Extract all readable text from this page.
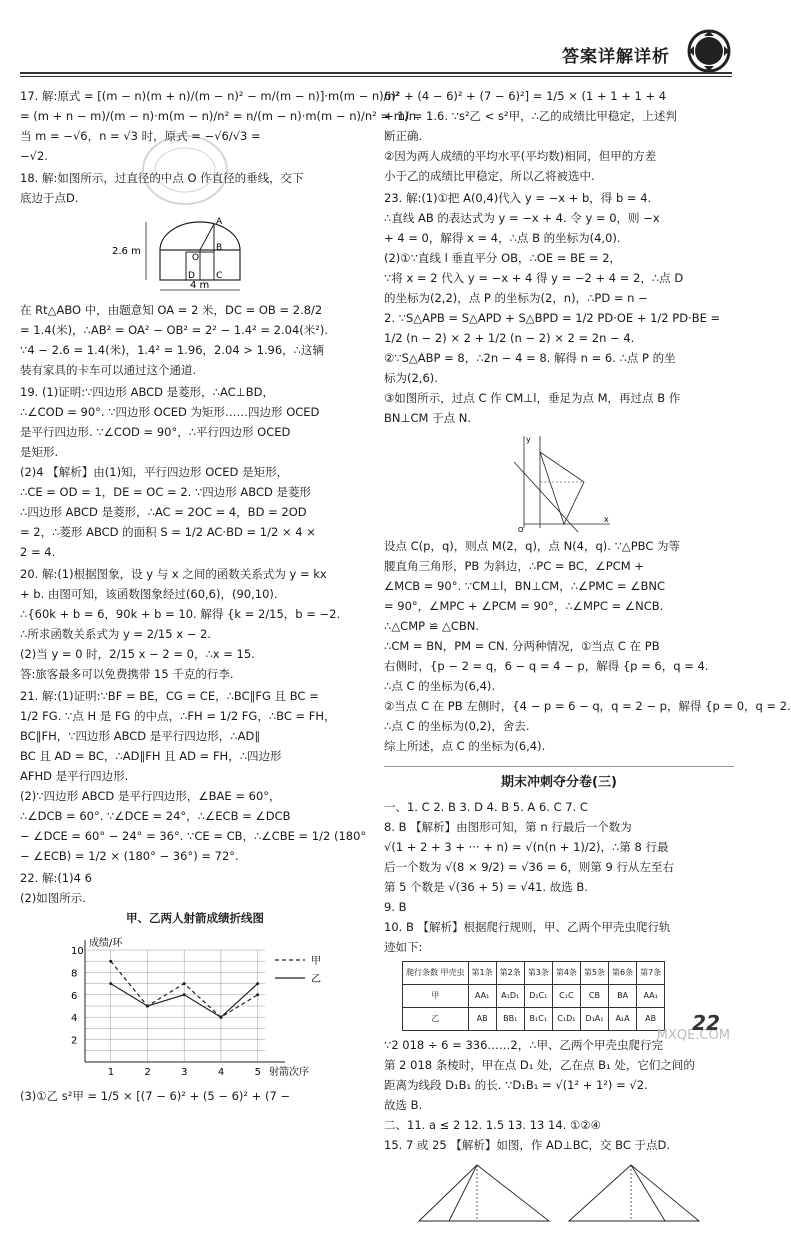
答案详解详析
17. 解:原式 = [(m − n)(m + n)/(m − n)² − m/(m − n)]·m(m − n)/n²
= (m + n − m)/(m − n)·m(m − n)/n² = n/(m − n)·m(m − n)/n² = m/n.
当 m = −√6，n = √3 时，原式 = −√6/√3 =
−√2.
18. 解:如图所示，过直径的中点 O 作直径的垂线，交下
底边于点D.
2.6 m
4 m
A
B
C
D
O
在 Rt△ABO 中，由题意知 OA = 2 米，DC = OB = 2.8/2
= 1.4(米)，∴AB² = OA² − OB² = 2² − 1.4² = 2.04(米²).
∵4 − 2.6 = 1.4(米)，1.4² = 1.96，2.04 > 1.96，∴这辆
装有家具的卡车可以通过这个通道.
19. (1)证明:∵四边形 ABCD 是菱形，∴AC⊥BD，
∴∠COD = 90°. ∵四边形 OCED 为矩形……四边形 OCED
是平行四边形. ∵∠COD = 90°，∴平行四边形 OCED
是矩形.
(2)4 【解析】由(1)知，平行四边形 OCED 是矩形，
∴CE = OD = 1，DE = OC = 2. ∵四边形 ABCD 是菱形
∴四边形 ABCD 是菱形，∴AC = 2OC = 4，BD = 2OD
= 2，∴菱形 ABCD 的面积 S = 1/2 AC·BD = 1/2 × 4 ×
2 = 4.
20. 解:(1)根据图象，设 y 与 x 之间的函数关系式为 y = kx
+ b. 由图可知，该函数图象经过(60,6)，(90,10).
∴{60k + b = 6，90k + b = 10. 解得 {k = 2/15，b = −2.
∴所求函数关系式为 y = 2/15 x − 2.
(2)当 y = 0 时，2/15 x − 2 = 0，∴x = 15.
答:旅客最多可以免费携带 15 千克的行李.
21. 解:(1)证明:∵BF = BE，CG = CE，∴BC∥FG 且 BC =
1/2 FG. ∵点 H 是 FG 的中点，∴FH = 1/2 FG，∴BC = FH，
BC∥FH，∵四边形 ABCD 是平行四边形，∴AD∥
BC 且 AD = BC，∴AD∥FH 且 AD = FH，∴四边形
AFHD 是平行四边形.
(2)∵四边形 ABCD 是平行四边形，∠BAE = 60°，
∴∠DCB = 60°. ∵∠DCE = 24°，∴∠ECB = ∠DCB
− ∠DCE = 60° − 24° = 36°. ∵CE = CB，∴∠CBE = 1/2 (180°
− ∠ECB) = 1/2 × (180° − 36°) = 72°.
22. 解:(1)4 6
(2)如图所示.
甲、乙两人射箭成绩折线图
2
4
6
8
10
1	2	3	4	5
成绩/环
射箭次序
甲
乙
(3)①乙 s²甲 = 1/5 × [(7 − 6)² + (5 − 6)² + (7 −
6)² + (4 − 6)² + (7 − 6)²] = 1/5 × (1 + 1 + 1 + 4
+ 1) = 1.6. ∵s²乙 < s²甲，∴乙的成绩比甲稳定，上述判
断正确.
②因为两人成绩的平均水平(平均数)相同，但甲的方差
小于乙的成绩比甲稳定，所以乙将被选中.
23. 解:(1)①把 A(0,4)代入 y = −x + b，得 b = 4.
∴直线 AB 的表达式为 y = −x + 4. 令 y = 0，则 −x
+ 4 = 0，解得 x = 4，∴点 B 的坐标为(4,0).
(2)①∵直线 l 垂直平分 OB，∴OE = BE = 2，
∵将 x = 2 代入 y = −x + 4 得 y = −2 + 4 = 2，∴点 D
的坐标为(2,2)，点 P 的坐标为(2，n)，∴PD = n −
2. ∵S△APB = S△APD + S△BPD = 1/2 PD·OE + 1/2 PD·BE =
1/2 (n − 2) × 2 + 1/2 (n − 2) × 2 = 2n − 4.
②∵S△ABP = 8，∴2n − 4 = 8. 解得 n = 6. ∴点 P 的坐
标为(2,6).
③如图所示，过点 C 作 CM⊥l，垂足为点 M，再过点 B 作
BN⊥CM 于点 N.
x
y
O
设点 C(p，q)，则点 M(2，q)，点 N(4，q). ∵△PBC 为等
腰直角三角形，PB 为斜边，∴PC = BC，∠PCM +
∠MCB = 90°. ∵CM⊥l，BN⊥CM，∴∠PMC = ∠BNC
= 90°，∠MPC + ∠PCM = 90°，∴∠MPC = ∠NCB.
∴△CMP ≌ △CBN.
∴CM = BN，PM = CN. 分两种情况，①当点 C 在 PB
右侧时，{p − 2 = q，6 − q = 4 − p，解得 {p = 6，q = 4.
∴点 C 的坐标为(6,4).
②当点 C 在 PB 左侧时，{4 − p = 6 − q，q = 2 − p，解得 {p = 0，q = 2.
∴点 C 的坐标为(0,2)，舍去.
综上所述，点 C 的坐标为(6,4).
期末冲刺夺分卷(三)
一、1. C 2. B 3. D 4. B 5. A 6. C 7. C
8. B 【解析】由图形可知，第 n 行最后一个数为
√(1 + 2 + 3 + ··· + n) = √(n(n + 1)/2)，∴第 8 行最
后一个数为 √(8 × 9/2) = √36 = 6，则第 9 行从左至右
第 5 个数是 √(36 + 5) = √41. 故选 B.
9. B
10. B 【解析】根据爬行规则，甲、乙两个甲壳虫爬行轨
迹如下:
爬行条数 甲壳虫	第1条	第2条	第3条	第4条	第5条	第6条	第7条
甲	AA₁	A₁D₁	D₁C₁	C₁C	CB	BA	AA₁
乙	AB	BB₁	B₁C₁	C₁D₁	D₁A₁	A₁A	AB
∵2 018 ÷ 6 = 336……2，∴甲、乙两个甲壳虫爬行完
第 2 018 条棱时，甲在点 D₁ 处，乙在点 B₁ 处，它们之间的
距离为线段 D₁B₁ 的长. ∵D₁B₁ = √(1² + 1²) = √2.
故选 B.
二、11. a ≤ 2 12. 1.5 13. 13 14. ①②④
15. 7 或 25 【解析】如图，作 AD⊥BC，交 BC 于点D.
MXQE.COM
22
